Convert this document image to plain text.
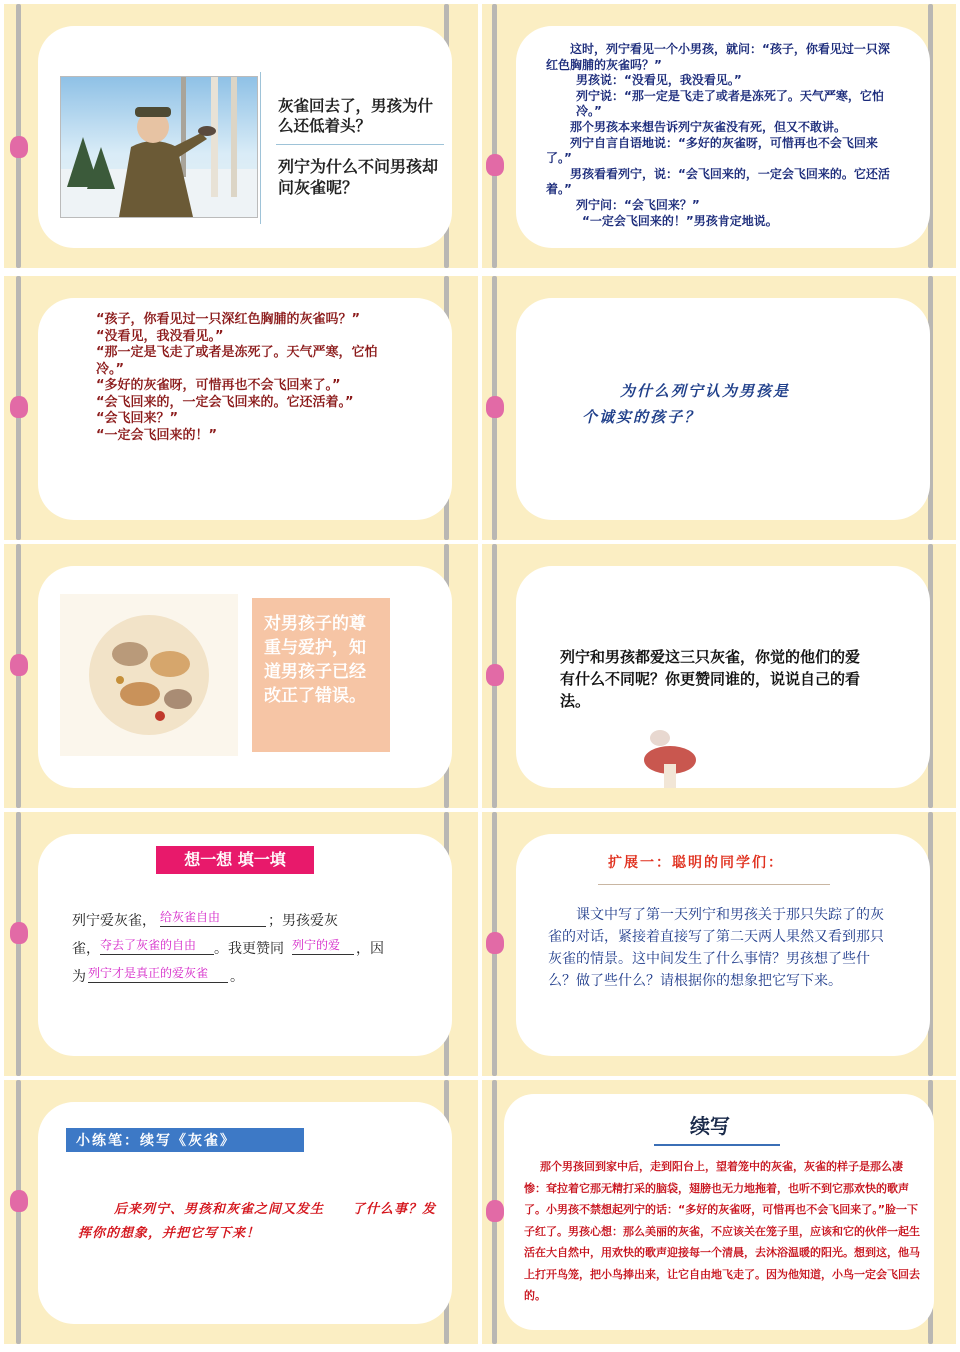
灰雀回去了，男孩为什么还低着头？
列宁为什么不问男孩却问灰雀呢？

这时，列宁看见一个小男孩，就问：“孩子，你看见过一只深红色胸脯的灰雀吗？”

男孩说：“没看见，我没看见。”

列宁说：“那一定是飞走了或者是冻死了。天气严寒，它怕冷。”

那个男孩本来想告诉列宁灰雀没有死，但又不敢讲。

列宁自言自语地说：“多好的灰雀呀，可惜再也不会飞回来了。”

男孩看看列宁，说：“会飞回来的，一定会飞回来的。它还活着。”

列宁问：“会飞回来？”

“一定会飞回来的！”男孩肯定地说。

“孩子，你看见过一只深红色胸脯的灰雀吗？”

“没看见，我没看见。”

“那一定是飞走了或者是冻死了。天气严寒，它怕冷。”

“多好的灰雀呀，可惜再也不会飞回来了。”

“会飞回来的，一定会飞回来的。它还活着。”

“会飞回来？”

“一定会飞回来的！”

为什么列宁认为男孩是
个诚实的孩子？
对男孩子的尊重与爱护，知道男孩子已经改正了错误。
列宁和男孩都爱这三只灰雀，你觉的他们的爱有什么不同呢？你更赞同谁的，说说自己的看法。
想一想 填一填
列宁爱灰雀， 给灰雀自由	；男孩爱灰
雀， 夺去了灰雀的自由	。我更赞同 列宁的爱	，因
为 列宁才是真正的爱灰雀	。
扩展一：聪明的同学们：
课文中写了第一天列宁和男孩关于那只失踪了的灰雀的对话，紧接着直接写了第二天两人果然又看到那只灰雀的情景。这中间发生了什么事情？男孩想了些什么？做了些什么？请根据你的想象把它写下来。
小练笔：续写《灰雀》
后来列宁、男孩和灰雀之间又发生　　了什么事？发挥你的想象，并把它写下来！
续写
那个男孩回到家中后，走到阳台上，望着笼中的灰雀，灰雀的样子是那么凄惨：耷拉着它那无精打采的脑袋，翅膀也无力地拖着，也听不到它那欢快的歌声了。小男孩不禁想起列宁的话：“多好的灰雀呀，可惜再也不会飞回来了。”脸一下子红了。男孩心想：那么美丽的灰雀，不应该关在笼子里，应该和它的伙伴一起生活在大自然中，用欢快的歌声迎接每一个清晨，去沐浴温暖的阳光。想到这，他马上打开鸟笼，把小鸟捧出来，让它自由地飞走了。因为他知道，小鸟一定会飞回去的。
